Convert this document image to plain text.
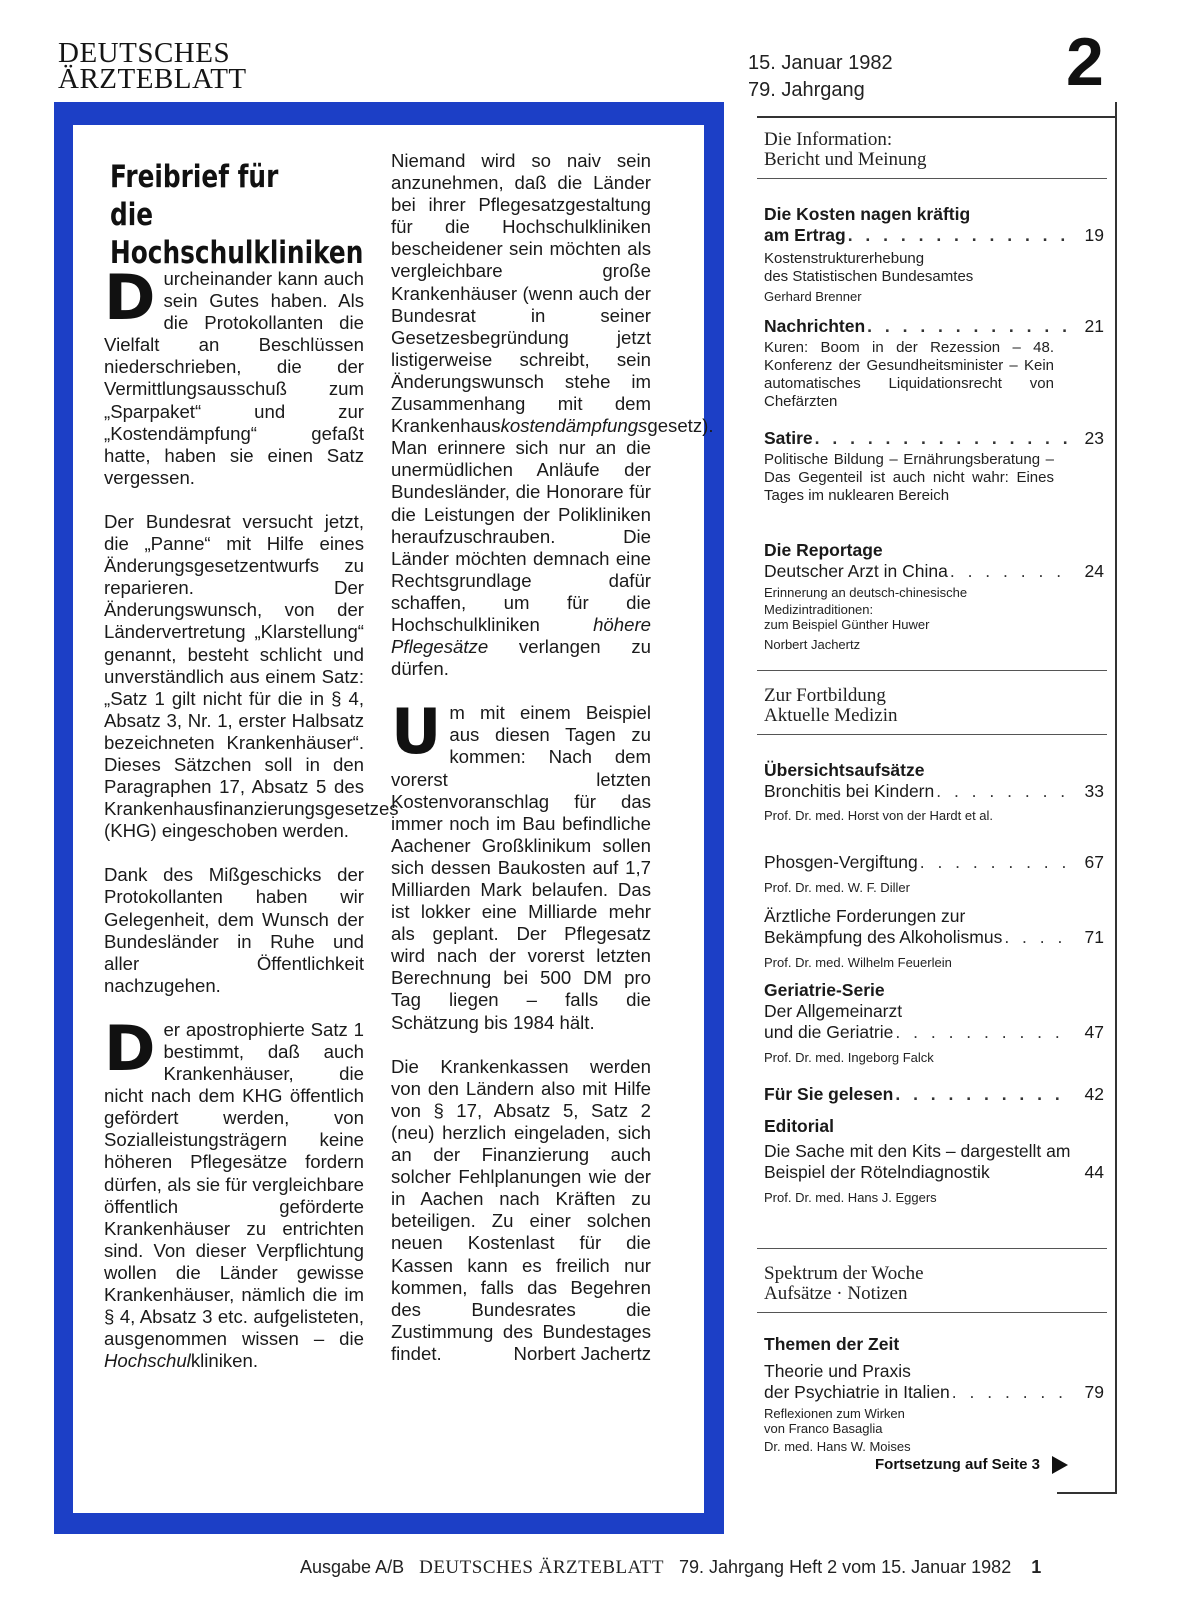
DEUTSCHES
ÄRZTEBLATT	15. Januar 1982
79. Jahrgang	2
Freibrief für die
Hochschulkliniken

Durcheinander kann auch sein Gutes haben. Als die Protokollanten die Vielfalt an Beschlüssen niederschrieben, die der Vermittlungsausschuß zum „Sparpaket“ und zur „Kostendämpfung“ gefaßt hatte, haben sie einen Satz vergessen.

Der Bundesrat versucht jetzt, die „Panne“ mit Hilfe eines Änderungsgesetzentwurfs zu reparieren. Der Änderungswunsch, von der Ländervertretung „Klarstellung“ genannt, besteht schlicht und unverständlich aus einem Satz: „Satz 1 gilt nicht für die in § 4, Absatz 3, Nr. 1, erster Halbsatz bezeichneten Krankenhäuser“. Dieses Sätzchen soll in den Paragraphen 17, Absatz 5 des Krankenhausfinanzierungsgesetzes (KHG) eingeschoben werden.

Dank des Mißgeschicks der Protokollanten haben wir Gelegenheit, dem Wunsch der Bundesländer in Ruhe und aller Öffentlichkeit nachzugehen.

Der apostrophierte Satz 1 bestimmt, daß auch Krankenhäuser, die nicht nach dem KHG öffentlich gefördert werden, von Sozialleistungsträgern keine höheren Pflegesätze fordern dürfen, als sie für vergleichbare öffentlich geförderte Krankenhäuser zu entrichten sind. Von dieser Verpflichtung wollen die Länder gewisse Krankenhäuser, nämlich die im § 4, Absatz 3 etc. aufgelisteten, ausgenommen wissen – die Hochschulkliniken.

Niemand wird so naiv sein anzunehmen, daß die Länder bei ihrer Pflegesatzgestaltung für die Hochschulkliniken bescheidener sein möchten als vergleichbare große Krankenhäuser (wenn auch der Bundesrat in seiner Gesetzesbegründung jetzt listigerweise schreibt, sein Änderungswunsch stehe im Zusammenhang mit dem Krankenhauskostendämpfungsgesetz). Man erinnere sich nur an die unermüdlichen Anläufe der Bundesländer, die Honorare für die Leistungen der Polikliniken heraufzuschrauben. Die Länder möchten demnach eine Rechtsgrundlage dafür schaffen, um für die Hochschulkliniken höhere Pflegesätze verlangen zu dürfen.

Um mit einem Beispiel aus diesen Tagen zu kommen: Nach dem vorerst letzten Kostenvoranschlag für das immer noch im Bau befindliche Aachener Großklinikum sollen sich dessen Baukosten auf 1,7 Milliarden Mark belaufen. Das ist lokker eine Milliarde mehr als geplant. Der Pflegesatz wird nach der vorerst letzten Berechnung bei 500 DM pro Tag liegen – falls die Schätzung bis 1984 hält.

Die Krankenkassen werden von den Ländern also mit Hilfe von § 17, Absatz 5, Satz 2 (neu) herzlich eingeladen, sich an der Finanzierung auch solcher Fehlplanungen wie der in Aachen nach Kräften zu beteiligen. Zu einer solchen neuen Kostenlast für die Kassen kann es freilich nur kommen, falls das Begehren des Bundesrates die Zustimmung des Bundestages findet.	Norbert Jachertz

Die Information:
Bericht und Meinung
Die Kosten nagen kräftig
am Ertrag . . .	19
Kostenstrukturerhebung
des Statistischen Bundesamtes
Gerhard Brenner
Nachrichten . . .	21
Kuren: Boom in der Rezession – 48. Konferenz der Gesundheitsminister – Kein automatisches Liquidationsrecht von Chefärzten
Satire . . .	23
Politische Bildung – Ernährungsberatung – Das Gegenteil ist auch nicht wahr: Eines Tages im nuklearen Bereich
Die Reportage
Deutscher Arzt in China . . .	24
Erinnerung an deutsch-chinesische
Medizintraditionen:
zum Beispiel Günther Huwer
Norbert Jachertz
Zur Fortbildung
Aktuelle Medizin
Übersichtsaufsätze
Bronchitis bei Kindern . . .	33
Prof. Dr. med. Horst von der Hardt et al.
Phosgen-Vergiftung . . .	67
Prof. Dr. med. W. F. Diller
Ärztliche Forderungen zur
Bekämpfung des Alkoholismus . . .	71
Prof. Dr. med. Wilhelm Feuerlein
Geriatrie-Serie
Der Allgemeinarzt
und die Geriatrie . . .	47
Prof. Dr. med. Ingeborg Falck
Für Sie gelesen . . .	42
Editorial
Die Sache mit den Kits – dargestellt am Beispiel der Rötelndiagnostik	44
Prof. Dr. med. Hans J. Eggers
Spektrum der Woche
Aufsätze · Notizen
Themen der Zeit
Theorie und Praxis
der Psychiatrie in Italien . . .	79
Reflexionen zum Wirken
von Franco Basaglia
Dr. med. Hans W. Moises
Fortsetzung auf Seite 3
Ausgabe A/B DEUTSCHES ÄRZTEBLATT 79. Jahrgang Heft 2 vom 15. Januar 1982 1
